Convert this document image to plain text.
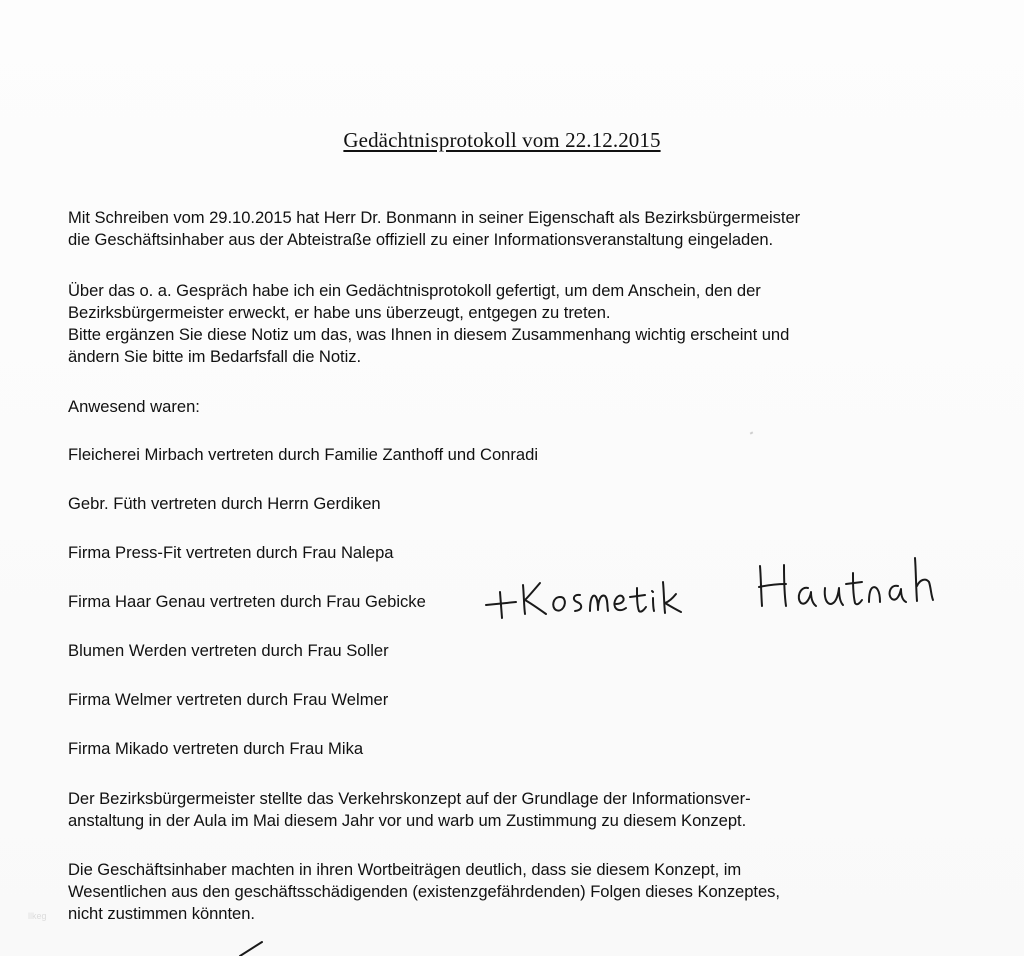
Gedächtnisprotokoll vom 22.12.2015

Mit Schreiben vom 29.10.2015 hat Herr Dr. Bonmann in seiner Eigenschaft als Bezirksbürgermeister
die Geschäftsinhaber aus der Abteistraße offiziell zu einer Informationsveranstaltung eingeladen.

Über das o. a. Gespräch habe ich ein Gedächtnisprotokoll gefertigt, um dem Anschein, den der
Bezirksbürgermeister erweckt, er habe uns überzeugt, entgegen zu treten.
Bitte ergänzen Sie diese Notiz um das, was Ihnen in diesem Zusammenhang wichtig erscheint und
ändern Sie bitte im Bedarfsfall die Notiz.

Anwesend waren:
Fleicherei Mirbach vertreten durch Familie Zanthoff und Conradi
Gebr. Füth vertreten durch Herrn Gerdiken
Firma Press-Fit vertreten durch Frau Nalepa
Firma Haar Genau vertreten durch Frau Gebicke
Blumen Werden vertreten durch Frau Soller
Firma Welmer vertreten durch Frau Welmer
Firma Mikado vertreten durch Frau Mika

Der Bezirksbürgermeister stellte das Verkehrskonzept auf der Grundlage der Informationsver-
anstaltung in der Aula im Mai diesem Jahr vor und warb um Zustimmung zu diesem Konzept.

Die Geschäftsinhaber machten in ihren Wortbeiträgen deutlich, dass sie diesem Konzept, im
Wesentlichen aus den geschäftsschädigenden (existenzgefährdenden) Folgen dieses Konzeptes,
nicht zustimmen könnten.

llkeg
